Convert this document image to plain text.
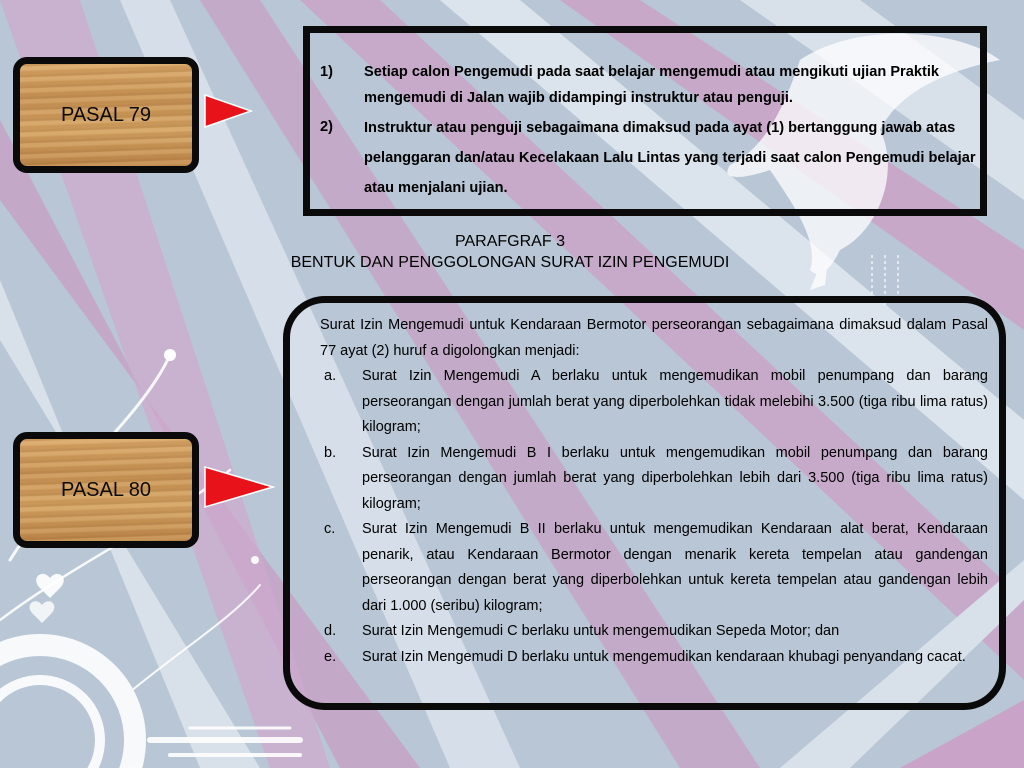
PASAL 79
1) Setiap calon Pengemudi pada saat belajar mengemudi atau mengikuti ujian Praktik mengemudi di Jalan wajib didampingi instruktur atau penguji.
2) Instruktur atau penguji sebagaimana dimaksud pada ayat (1) bertanggung jawab atas pelanggaran dan/atau Kecelakaan Lalu Lintas yang terjadi saat calon Pengemudi belajar atau menjalani ujian.
PARAFGRAF 3
BENTUK DAN PENGGOLONGAN SURAT IZIN PENGEMUDI
PASAL 80

Surat Izin Mengemudi untuk Kendaraan Bermotor perseorangan sebagaimana dimaksud dalam Pasal 77 ayat (2) huruf a digolongkan menjadi:

a. Surat Izin Mengemudi A berlaku untuk mengemudikan mobil penumpang dan barang perseorangan dengan jumlah berat yang diperbolehkan tidak melebihi 3.500 (tiga ribu lima ratus) kilogram;
b. Surat Izin Mengemudi B I berlaku untuk mengemudikan mobil penumpang dan barang perseorangan dengan jumlah berat yang diperbolehkan lebih dari 3.500 (tiga ribu lima ratus) kilogram;
c. Surat Izin Mengemudi B II berlaku untuk mengemudikan Kendaraan alat berat, Kendaraan penarik, atau Kendaraan Bermotor dengan menarik kereta tempelan atau gandengan perseorangan dengan berat yang diperbolehkan untuk kereta tempelan atau gandengan lebih dari 1.000 (seribu) kilogram;
d. Surat Izin Mengemudi C berlaku untuk mengemudikan Sepeda Motor; dan
e. Surat Izin Mengemudi D berlaku untuk mengemudikan kendaraan khubagi penyandang cacat.
